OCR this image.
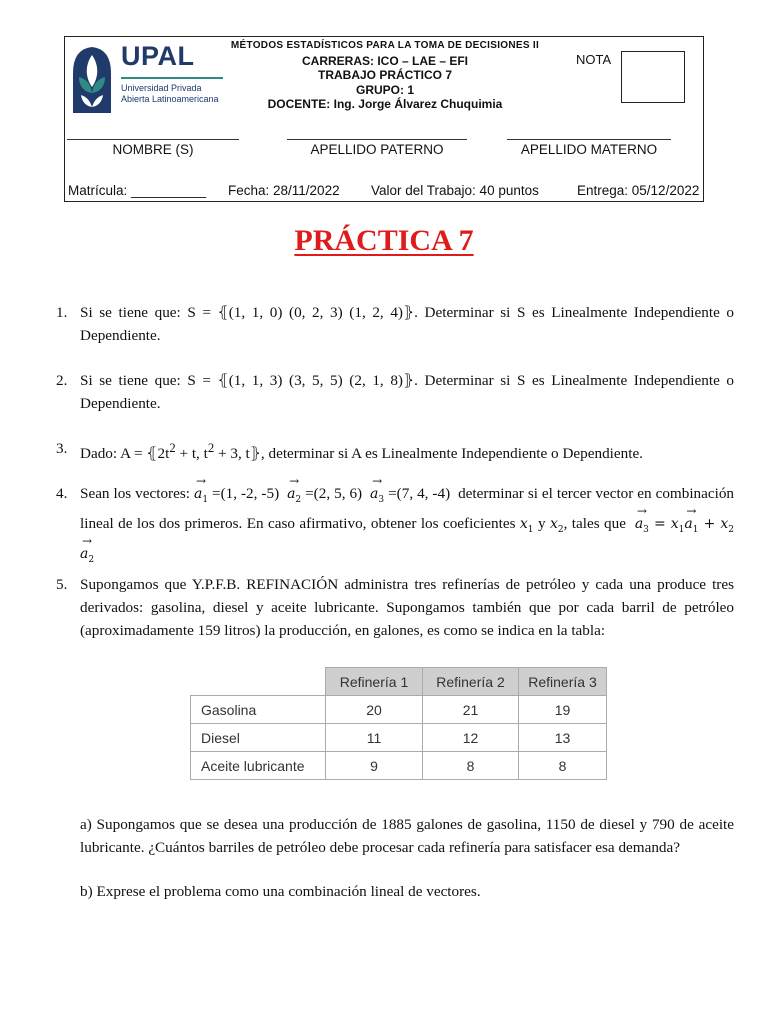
UPAL
Universidad Privada
Abierta Latinoamericana
MÉTODOS ESTADÍSTICOS PARA LA TOMA DE DECISIONES II
CARRERAS: ICO – LAE – EFI
TRABAJO PRÁCTICO 7
GRUPO: 1
DOCENTE: Ing. Jorge Álvarez Chuquimia
NOTA
NOMBRE (S)	APELLIDO PATERNO	APELLIDO MATERNO
Matrícula: __________ Fecha: 28/11/2022 Valor del Trabajo: 40 puntos	Entrega: 05/12/2022
PRÁCTICA 7
1. Si se tiene que: S = ⦃(1, 1, 0) (0, 2, 3) (1, 2, 4)⦄. Determinar si S es Linealmente Independiente o Dependiente.
2. Si se tiene que: S = ⦃(1, 1, 3) (3, 5, 5) (2, 1, 8)⦄. Determinar si S es Linealmente Independiente o Dependiente.
3. Dado: $A = ⦃2t^2 + t$, $t^2 + 3$, t⦄, determinar si A es Linealmente Independiente o Dependiente.
4. Sean los vectores: → $a_1 =(1$, -2, $-5) \to a_2 =(2$, 5, $6) \to a_3 =(7$, 4, -4)  determinar si el tercer vector en combinación lineal de los dos primeros. En caso afirmativo, obtener los coeficientes $x_1$ y $x_2$, tales que  → $a_3 = x_1\to a_1 + x_2\to a_2$
5. Supongamos que Y.P.F.B. REFINACIÓN administra tres refinerías de petróleo y cada una produce tres derivados: gasolina, diesel y aceite lubricante. Supongamos también que por cada barril de petróleo (aproximadamente 159 litros) la producción, en galones, es como se indica en la tabla:
	Refinería 1	Refinería 2	Refinería 3
Gasolina	20	21	19
Diesel	11	12	13
Aceite lubricante	9	8	8
a) Supongamos que se desea una producción de 1885 galones de gasolina, 1150 de diesel y 790 de aceite lubricante. ¿Cuántos barriles de petróleo debe procesar cada refinería para satisfacer esa demanda?
b) Exprese el problema como una combinación lineal de vectores.
